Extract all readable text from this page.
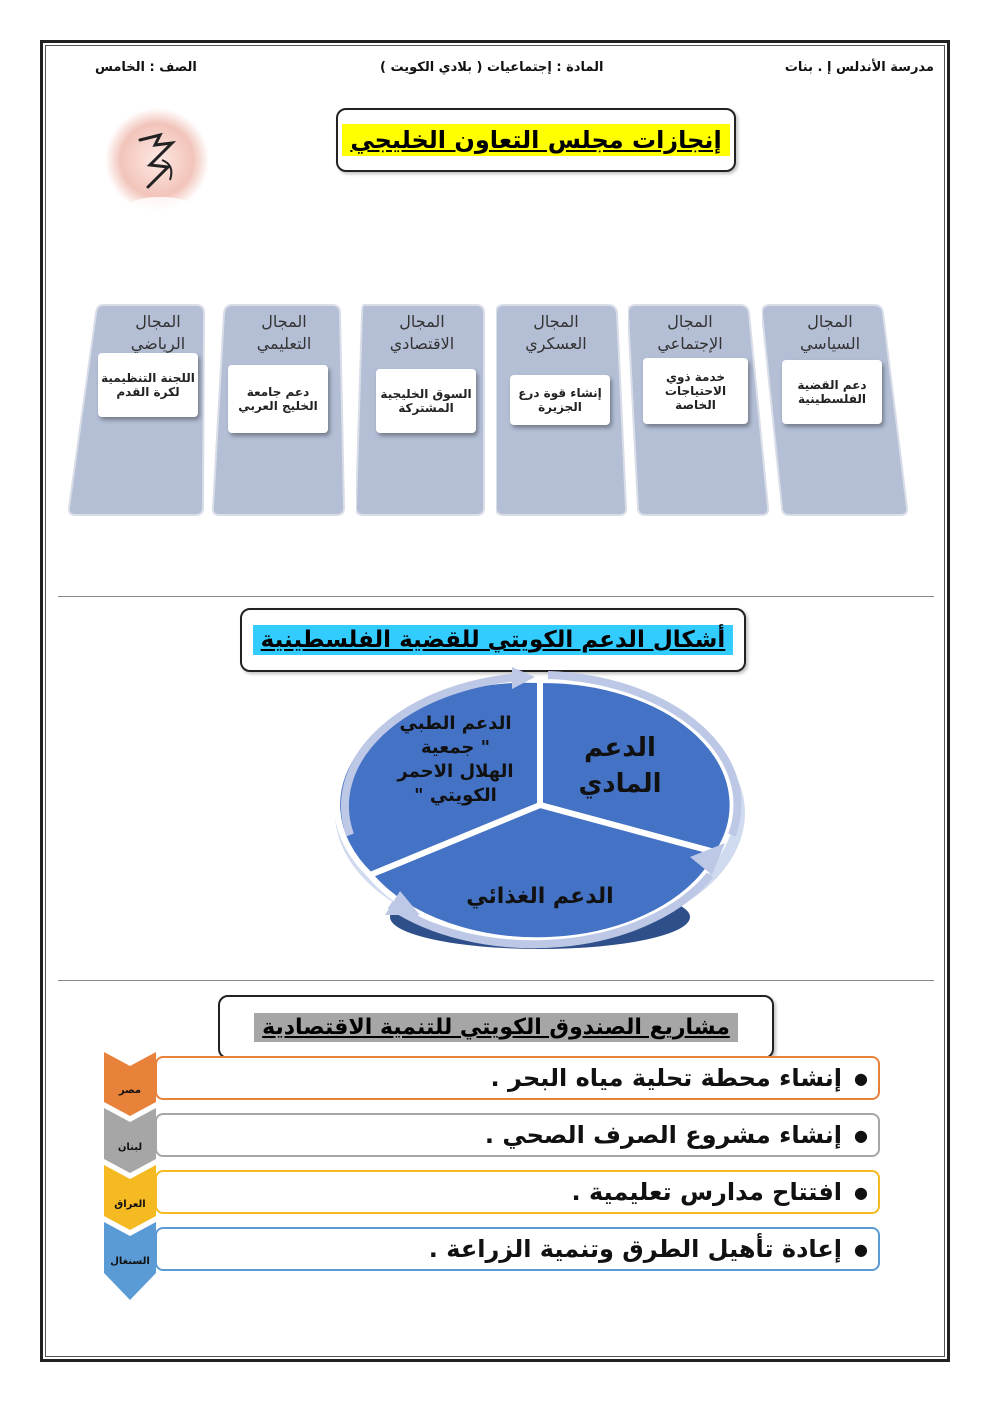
مدرسة الأندلس إ . بنات
المادة : إجتماعيات ( بلادي الكويت )
الصف : الخامس
إنجازات مجلس التعاون الخليجي
المجال
السياسي
دعم القضية الفلسطينية
المجال
الإجتماعي
خدمة ذوي الاحتياجات الخاصة
المجال
العسكري
إنشاء قوة درع الجزيرة
المجال
الاقتصادي
السوق الخليجية المشتركة
المجال
التعليمي
دعم جامعة الخليج العربي
المجال
الرياضي
اللجنة التنظيمية لكرة القدم
أشكال الدعم الكويتي للقضية الفلسطينية
الدعم المادي
الدعم الغذائي
الدعم الطبي
" جمعية
الهلال الاحمر
الكويتي "
مشاريع الصندوق الكويتي للتنمية الاقتصادية
مصر
لبنان
العراق
السنغال
إنشاء محطة تحلية مياه البحر . ●
إنشاء مشروع الصرف الصحي . ●
افتتاح مدارس تعليمية . ●
إعادة تأهيل الطرق وتنمية الزراعة . ●
